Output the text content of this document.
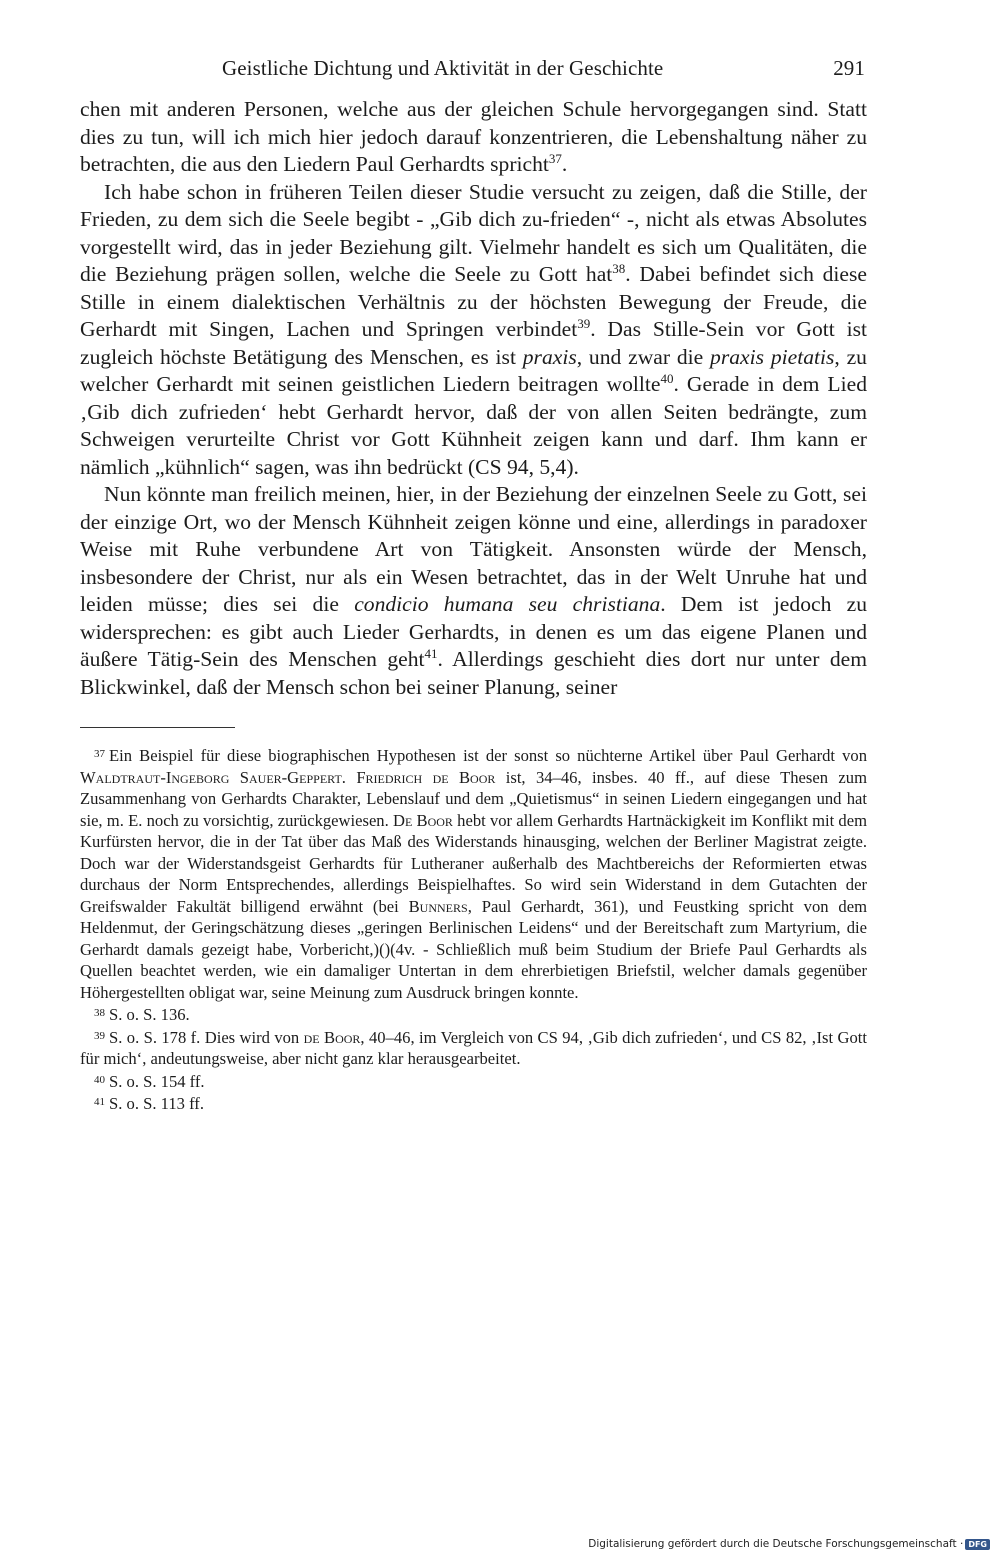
Geistliche Dichtung und Aktivität in der Geschichte	291

chen mit anderen Personen, welche aus der gleichen Schule hervorgegangen sind. Statt dies zu tun, will ich mich hier jedoch darauf konzentrieren, die Lebenshaltung näher zu betrachten, die aus den Liedern Paul Gerhardts spricht$^{37}$.

Ich habe schon in früheren Teilen dieser Studie versucht zu zeigen, daß die Stille, der Frieden, zu dem sich die Seele begibt - „Gib dich zu-frieden“ -, nicht als etwas Absolutes vorgestellt wird, das in jeder Beziehung gilt. Vielmehr handelt es sich um Qualitäten, die die Beziehung prägen sollen, welche die Seele zu Gott hat$^{38}$. Dabei befindet sich diese Stille in einem dialektischen Verhältnis zu der höchsten Bewegung der Freude, die Gerhardt mit Singen, Lachen und Springen verbindet$^{39}$. Das Stille-Sein vor Gott ist zugleich höchste Betätigung des Menschen, es ist praxis, und zwar die praxis pietatis, zu welcher Gerhardt mit seinen geistlichen Liedern beitragen wollte$^{40}$. Gerade in dem Lied ‚Gib dich zufrieden‘ hebt Gerhardt hervor, daß der von allen Seiten bedrängte, zum Schweigen verurteilte Christ vor Gott Kühnheit zeigen kann und darf. Ihm kann er nämlich „kühnlich“ sagen, was ihn bedrückt (CS 94, 5,4).

Nun könnte man freilich meinen, hier, in der Beziehung der einzelnen Seele zu Gott, sei der einzige Ort, wo der Mensch Kühnheit zeigen könne und eine, allerdings in paradoxer Weise mit Ruhe verbundene Art von Tätigkeit. Ansonsten würde der Mensch, insbesondere der Christ, nur als ein Wesen betrachtet, das in der Welt Unruhe hat und leiden müsse; dies sei die condicio humana seu christiana. Dem ist jedoch zu widersprechen: es gibt auch Lieder Gerhardts, in denen es um das eigene Planen und äußere Tätig-Sein des Menschen geht$^{41}$. Allerdings geschieht dies dort nur unter dem Blickwinkel, daß der Mensch schon bei seiner Planung, seiner

$^{37}$ Ein Beispiel für diese biographischen Hypothesen ist der sonst so nüchterne Artikel über Paul Gerhardt von Waldtraut-Ingeborg Sauer-Geppert. Friedrich de Boor ist, 34–46, insbes. 40 ff., auf diese Thesen zum Zusammenhang von Gerhardts Charakter, Lebenslauf und dem „Quietismus“ in seinen Liedern eingegangen und hat sie, m. E. noch zu vorsichtig, zurückgewiesen. De Boor hebt vor allem Gerhardts Hartnäckigkeit im Konflikt mit dem Kurfürsten hervor, die in der Tat über das Maß des Widerstands hinausging, welchen der Berliner Magistrat zeigte. Doch war der Widerstandsgeist Gerhardts für Lutheraner außerhalb des Machtbereichs der Reformierten etwas durchaus der Norm Entsprechendes, allerdings Beispielhaftes. So wird sein Widerstand in dem Gutachten der Greifswalder Fakultät billigend erwähnt (bei Bunners, Paul Gerhardt, 361), und Feustking spricht von dem Heldenmut, der Geringschätzung dieses „geringen Berlinischen Leidens“ und der Bereitschaft zum Martyrium, die Gerhardt damals gezeigt habe, Vorbericht,)()(4v. - Schließlich muß beim Studium der Briefe Paul Gerhardts als Quellen beachtet werden, wie ein damaliger Untertan in dem ehrerbietigen Briefstil, welcher damals gegenüber Höhergestellten obligat war, seine Meinung zum Ausdruck bringen konnte.

$^{38}$ S. o. S. 136.

$^{39}$ S. o. S. 178 f. Dies wird von de Boor, 40–46, im Vergleich von CS 94, ‚Gib dich zufrieden‘, und CS 82, ‚Ist Gott für mich‘, andeutungsweise, aber nicht ganz klar herausgearbeitet.

$^{40}$ S. o. S. 154 ff.

$^{41}$ S. o. S. 113 ff.

Digitalisierung gefördert durch die Deutsche Forschungsgemeinschaft · DFG
